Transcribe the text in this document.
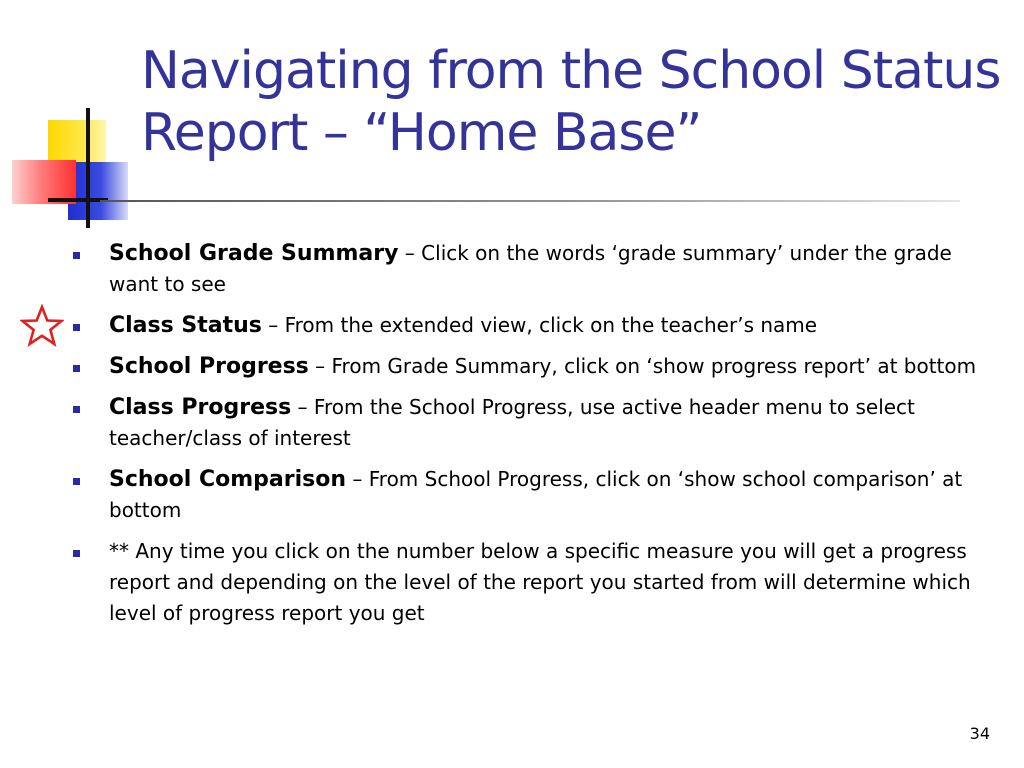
Navigating from the School Status Report – “Home Base”
School Grade Summary – Click on the words ‘grade summary’ under the grade want to see
Class Status – From the extended view, click on the teacher’s name
School Progress – From Grade Summary, click on ‘show progress report’ at bottom
Class Progress – From the School Progress, use active header menu to select teacher/class of interest
School Comparison – From School Progress, click on ‘show school comparison’ at bottom
** Any time you click on the number below a specific measure you will get a progress report and depending on the level of the report you started from will determine which level of progress report you get
34
